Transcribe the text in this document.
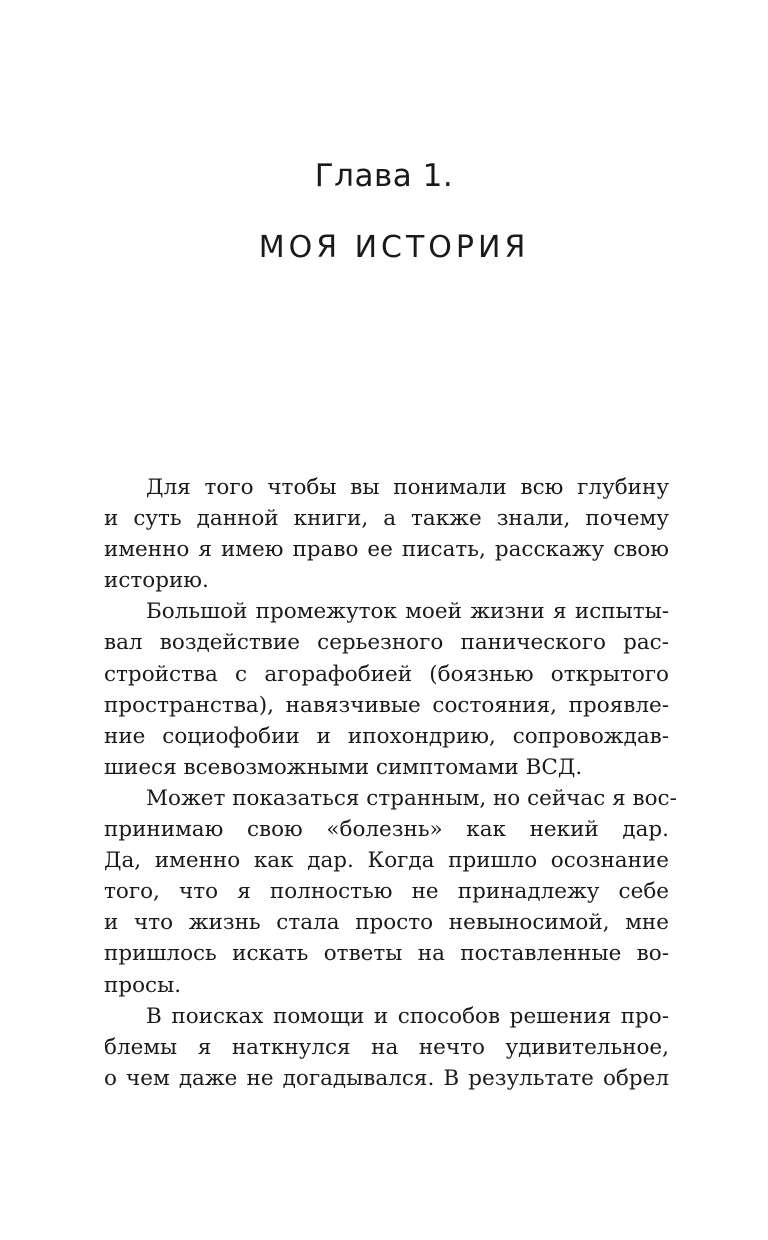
Глава 1.
МОЯ ИСТОРИЯ
Для того чтобы вы понимали всю глубину
и суть данной книги, а также знали, почему
именно я имею право ее писать, расскажу свою
историю.
Большой промежуток моей жизни я испыты-
вал воздействие серьезного панического рас-
стройства с агорафобией (боязнью открытого
пространства), навязчивые состояния, проявле-
ние социофобии и ипохондрию, сопровождав-
шиеся всевозможными симптомами ВСД.
Может показаться странным, но сейчас я вос-
принимаю свою «болезнь» как некий дар.
Да, именно как дар. Когда пришло осознание
того, что я полностью не принадлежу себе
и что жизнь стала просто невыносимой, мне
пришлось искать ответы на поставленные во-
просы.
В поисках помощи и способов решения про-
блемы я наткнулся на нечто удивительное,
о чем даже не догадывался. В результате обрел
